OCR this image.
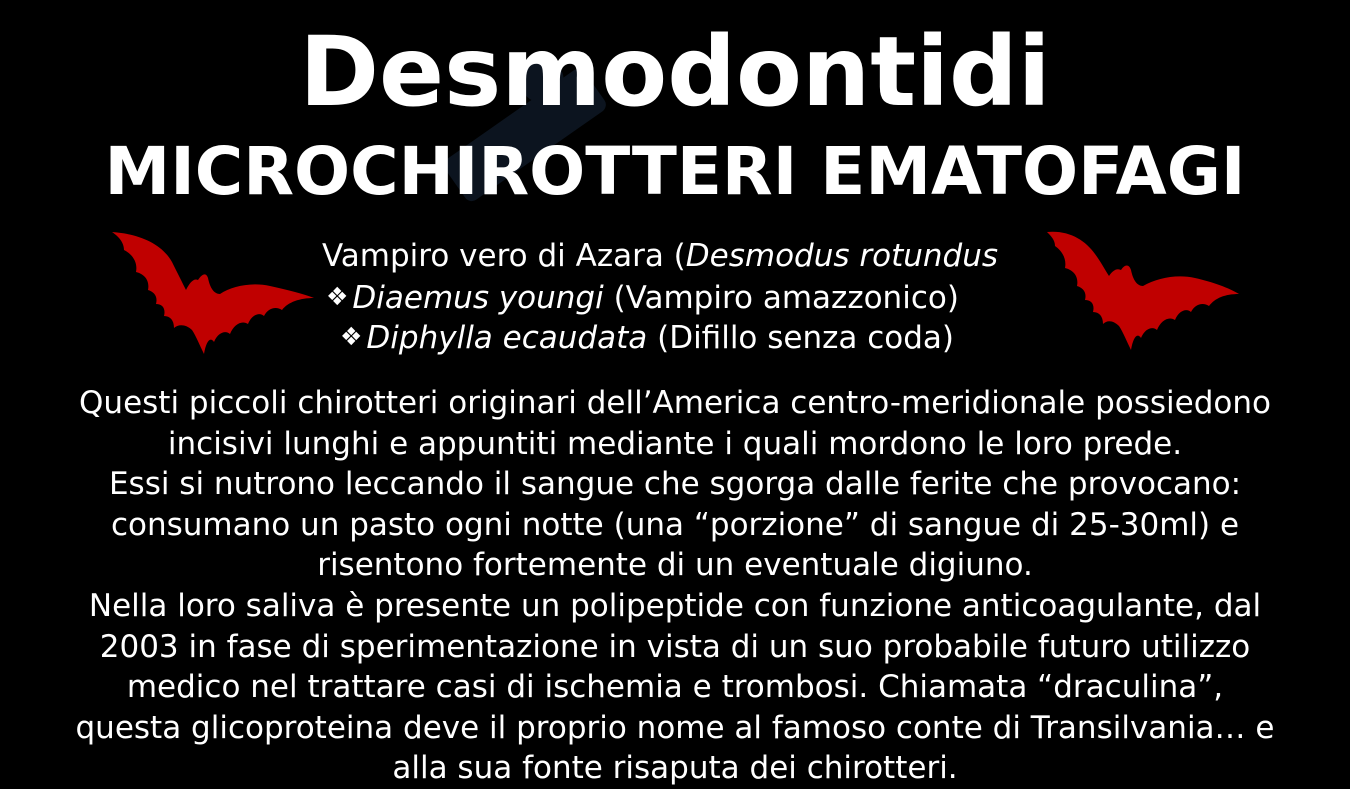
Desmodontidi
MICROCHIROTTERI EMATOFAGI
Vampiro vero di Azara (Desmodus rotundus
❖ Diaemus youngi (Vampiro amazzonico)
❖ Diphylla ecaudata (Difillo senza coda)

Questi piccoli chirotteri originari dell’America centro-meridionale possiedono

incisivi lunghi e appuntiti mediante i quali mordono le loro prede.

Essi si nutrono leccando il sangue che sgorga dalle ferite che provocano:

consumano un pasto ogni notte (una “porzione” di sangue di 25-30ml) e

risentono fortemente di un eventuale digiuno.

Nella loro saliva è presente un polipeptide con funzione anticoagulante, dal

2003 in fase di sperimentazione in vista di un suo probabile futuro utilizzo

medico nel trattare casi di ischemia e trombosi. Chiamata “draculina”,

questa glicoproteina deve il proprio nome al famoso conte di Transilvania… e

alla sua fonte risaputa dei chirotteri.
